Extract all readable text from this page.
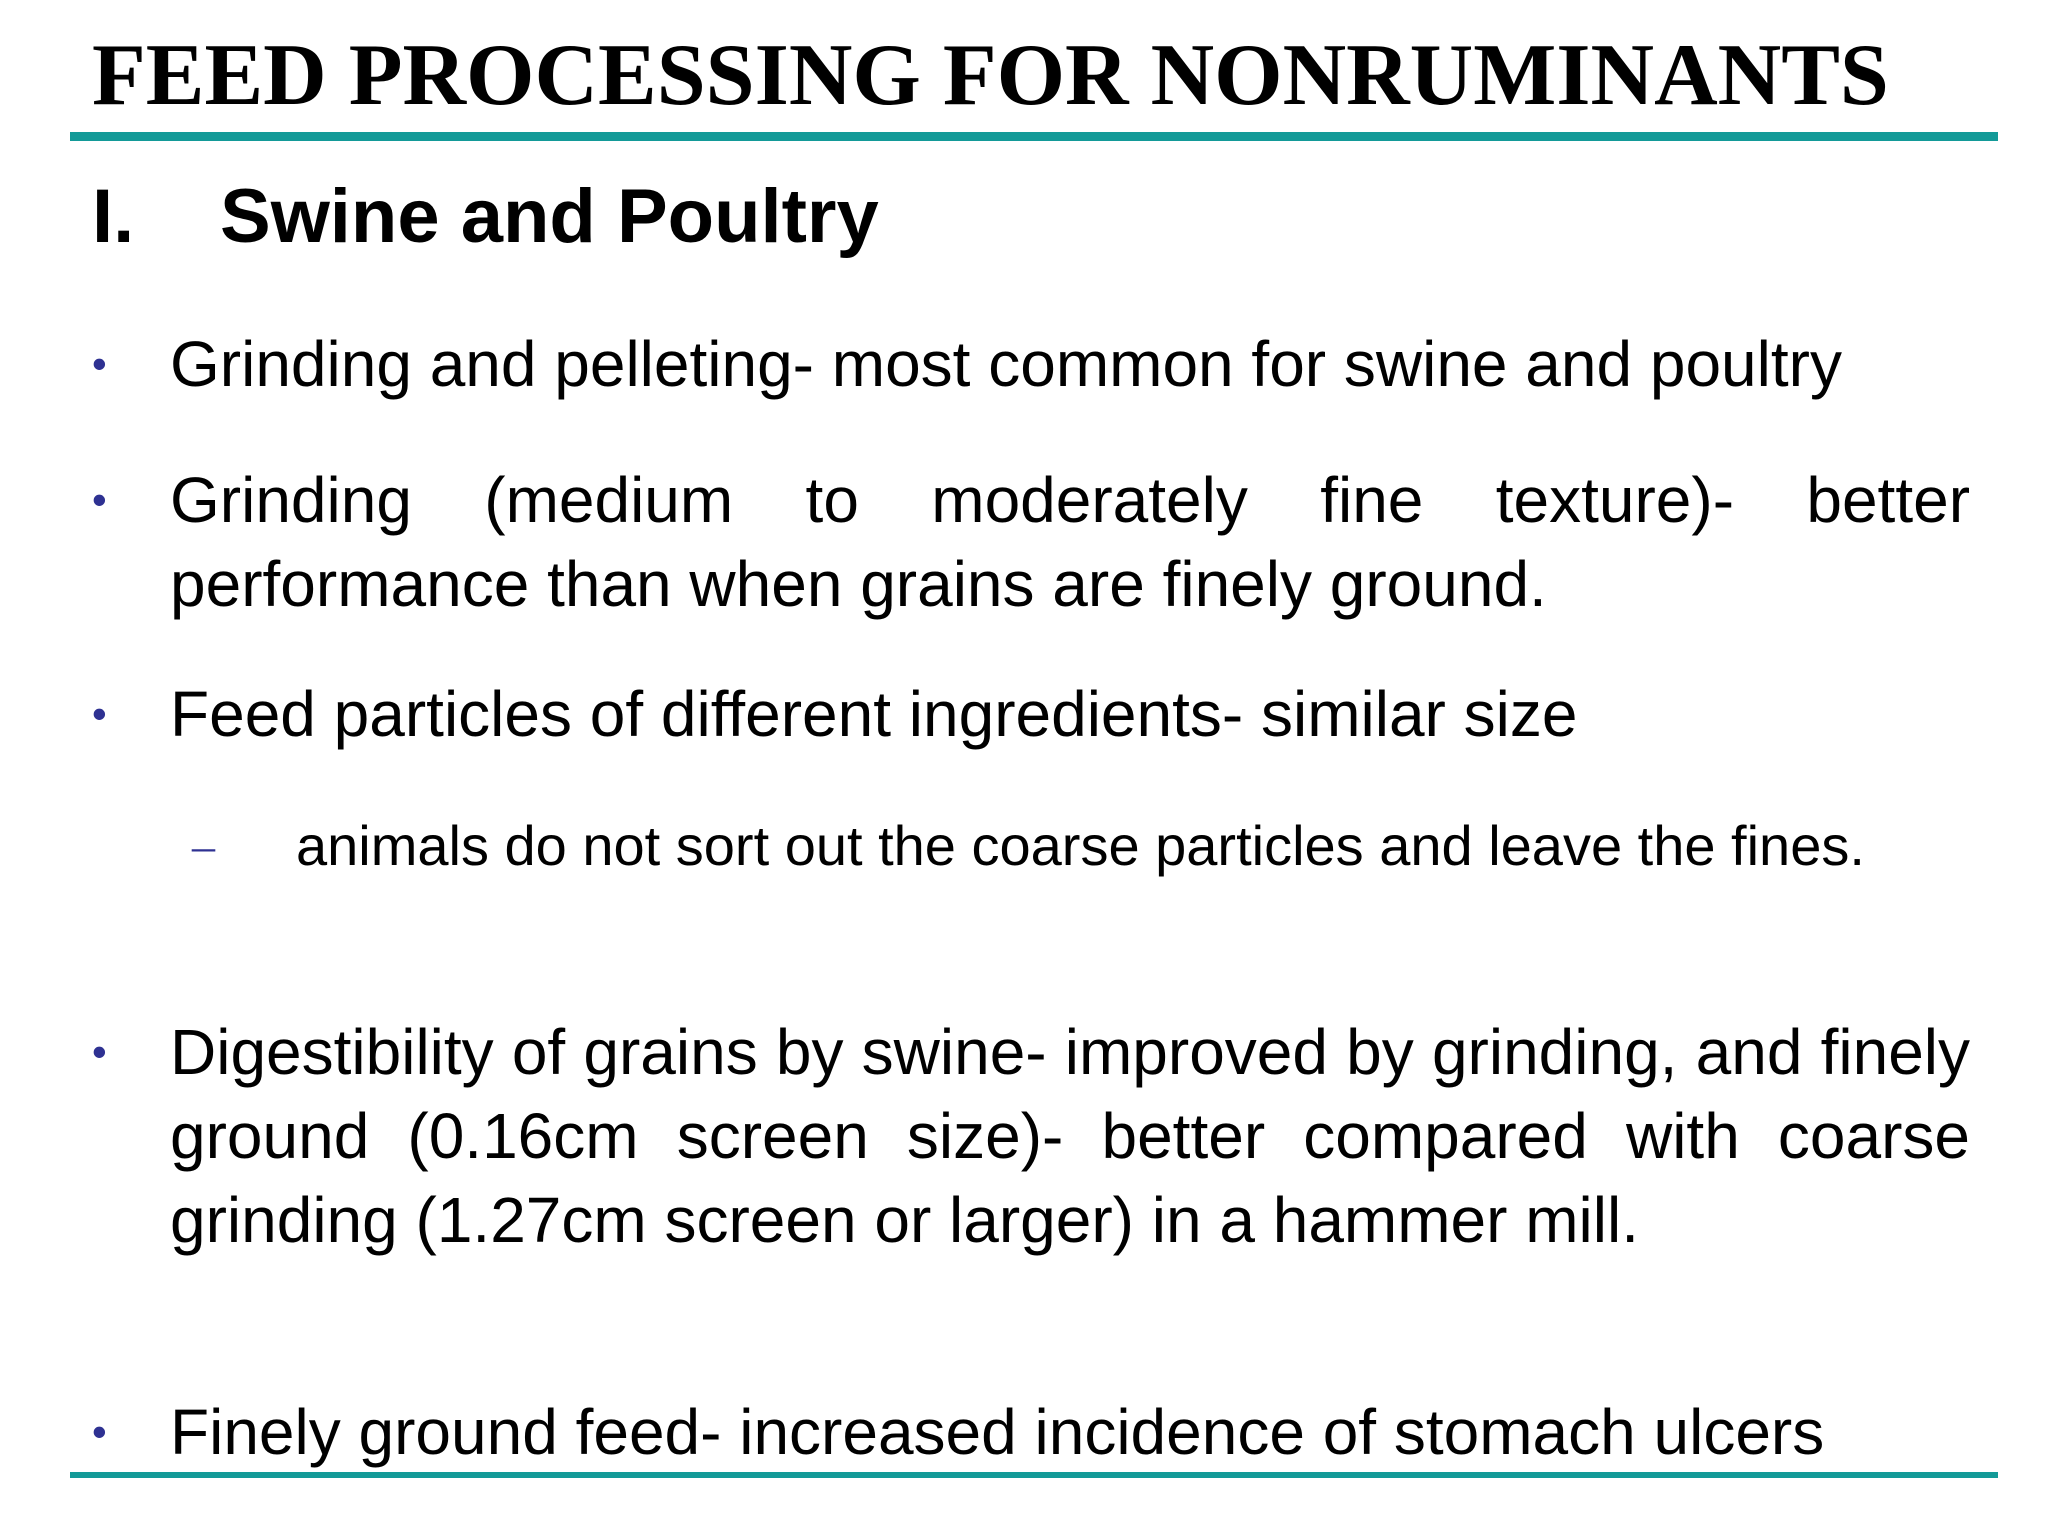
FEED PROCESSING FOR NONRUMINANTS
I. Swine and Poultry
• Grinding and pelleting- most common for swine and poultry

• Grinding (medium to moderately fine texture)- better performance than when grains are finely ground.

• Feed particles of different ingredients- similar size

– animals do not sort out the coarse particles and leave the fines.

• Digestibility of grains by swine- improved by grinding, and finely ground (0.16cm screen size)- better compared with coarse grinding (1.27cm screen or larger) in a hammer mill.

• Finely ground feed- increased incidence of stomach ulcers
